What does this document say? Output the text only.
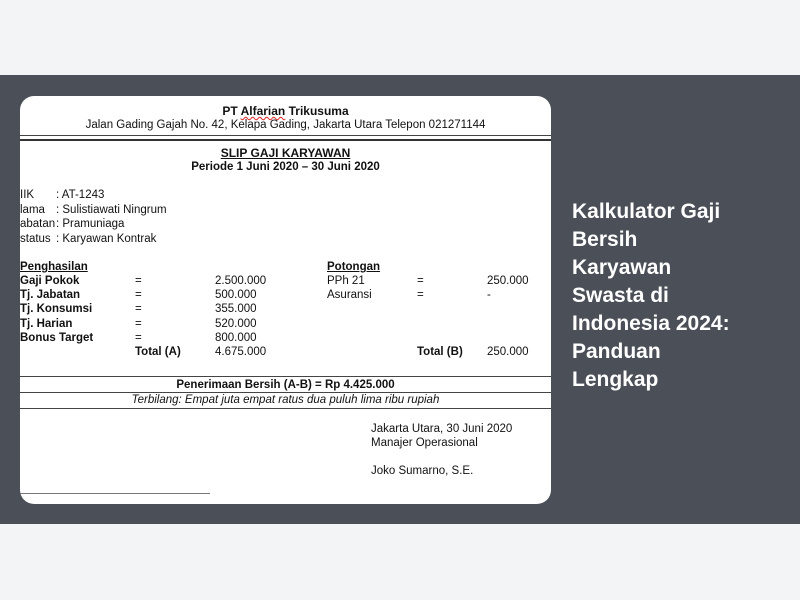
PT Alfarian Trikusuma
Jalan Gading Gajah No. 42, Kelapa Gading, Jakarta Utara Telepon 021271144
SLIP GAJI KARYAWAN
Periode 1 Juni 2020 – 30 Juni 2020
IIK : AT-1243
lama : Sulistiawati Ningrum
abatan : Pramuniaga
status : Karyawan Kontrak
Penghasilan
Gaji Pokok	=	2.500.000
Tj. Jabatan	=	500.000
Tj. Konsumsi	=	355.000
Tj. Harian	=	520.000
Bonus Target	=	800.000
Total (A)	4.675.000
Potongan
PPh 21	=	250.000
Asuransi	=	-
Total (B) 250.000
Penerimaan Bersih (A-B) = Rp 4.425.000
Terbilang: Empat juta empat ratus dua puluh lima ribu rupiah
Jakarta Utara, 30 Juni 2020
Manajer Operasional
Joko Sumarno, S.E.
Kalkulator Gaji
Bersih
Karyawan
Swasta di
Indonesia 2024:
Panduan
Lengkap
